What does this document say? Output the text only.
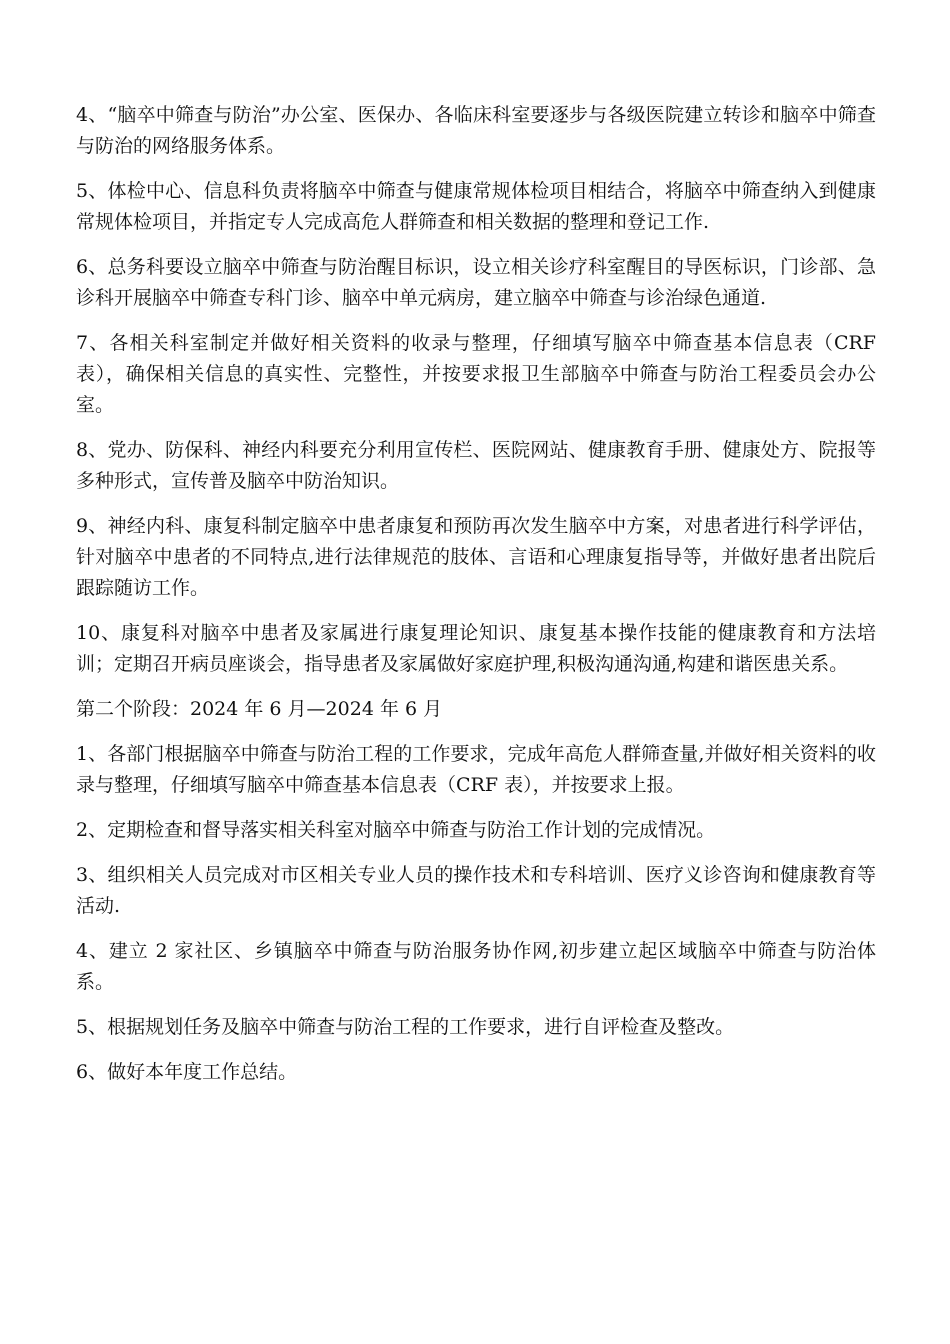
4、“脑卒中筛查与防治”办公室、医保办、各临床科室要逐步与各级医院建立转诊和脑卒中筛查与防治的网络服务体系。

5、体检中心、信息科负责将脑卒中筛查与健康常规体检项目相结合，将脑卒中筛查纳入到健康常规体检项目，并指定专人完成高危人群筛查和相关数据的整理和登记工作.

6、总务科要设立脑卒中筛查与防治醒目标识，设立相关诊疗科室醒目的导医标识，门诊部、急诊科开展脑卒中筛查专科门诊、脑卒中单元病房，建立脑卒中筛查与诊治绿色通道.

7、各相关科室制定并做好相关资料的收录与整理，仔细填写脑卒中筛查基本信息表（CRF 表），确保相关信息的真实性、完整性，并按要求报卫生部脑卒中筛查与防治工程委员会办公室。

8、党办、防保科、神经内科要充分利用宣传栏、医院网站、健康教育手册、健康处方、院报等多种形式，宣传普及脑卒中防治知识。

9、神经内科、康复科制定脑卒中患者康复和预防再次发生脑卒中方案，对患者进行科学评估，针对脑卒中患者的不同特点,进行法律规范的肢体、言语和心理康复指导等，并做好患者出院后跟踪随访工作。

10、康复科对脑卒中患者及家属进行康复理论知识、康复基本操作技能的健康教育和方法培训；定期召开病员座谈会，指导患者及家属做好家庭护理,积极沟通沟通,构建和谐医患关系。

第二个阶段：2024 年 6 月—2024 年 6 月

1、各部门根据脑卒中筛查与防治工程的工作要求，完成年高危人群筛查量,并做好相关资料的收录与整理，仔细填写脑卒中筛查基本信息表（CRF 表），并按要求上报。

2、定期检查和督导落实相关科室对脑卒中筛查与防治工作计划的完成情况。

3、组织相关人员完成对市区相关专业人员的操作技术和专科培训、医疗义诊咨询和健康教育等活动.

4、建立 2 家社区、乡镇脑卒中筛查与防治服务协作网,初步建立起区域脑卒中筛查与防治体系。

5、根据规划任务及脑卒中筛查与防治工程的工作要求，进行自评检查及整改。

6、做好本年度工作总结。
